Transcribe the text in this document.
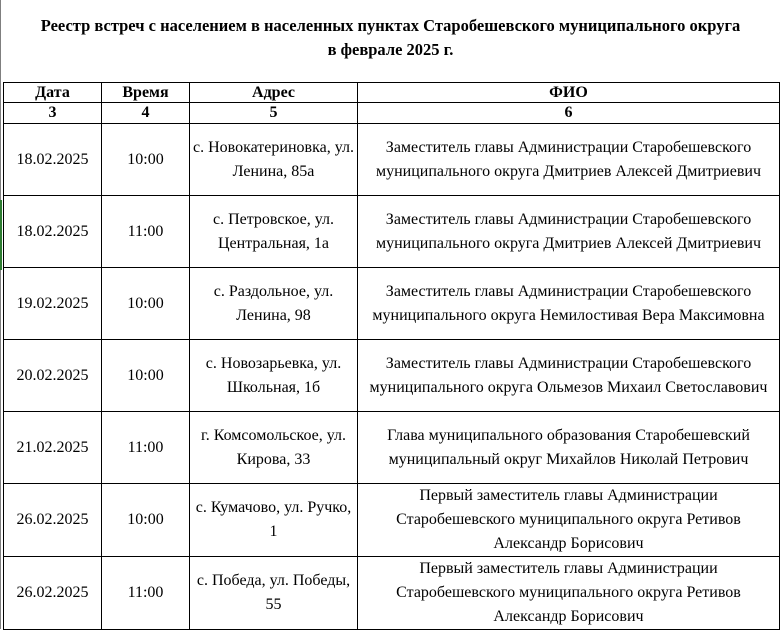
Реестр встреч с населением в населенных пунктах Старобешевского муниципального округа
в феврале 2025 г.
Дата	Время	Адрес	ФИО
3	4	5	6
18.02.2025	10:00	с. Новокатериновка, ул. Ленина, 85а	Заместитель главы Администрации Старобешевского муниципального округа Дмитриев Алексей Дмитриевич
18.02.2025	11:00	с. Петровское, ул. Центральная, 1а	Заместитель главы Администрации Старобешевского муниципального округа Дмитриев Алексей Дмитриевич
19.02.2025	10:00	с. Раздольное, ул. Ленина, 98	Заместитель главы Администрации Старобешевского муниципального округа Немилостивая Вера Максимовна
20.02.2025	10:00	с. Новозарьевка, ул. Школьная, 1б	Заместитель главы Администрации Старобешевского муниципального округа Ольмезов Михаил Светославович
21.02.2025	11:00	г. Комсомольское, ул. Кирова, 33	Глава муниципального образования Старобешевский муниципальный округ Михайлов Николай Петрович
26.02.2025	10:00	с. Кумачово, ул. Ручко, 1	Первый заместитель главы Администрации Старобешевского муниципального округа Ретивов Александр Борисович
26.02.2025	11:00	с. Победа, ул. Победы, 55	Первый заместитель главы Администрации Старобешевского муниципального округа Ретивов Александр Борисович
